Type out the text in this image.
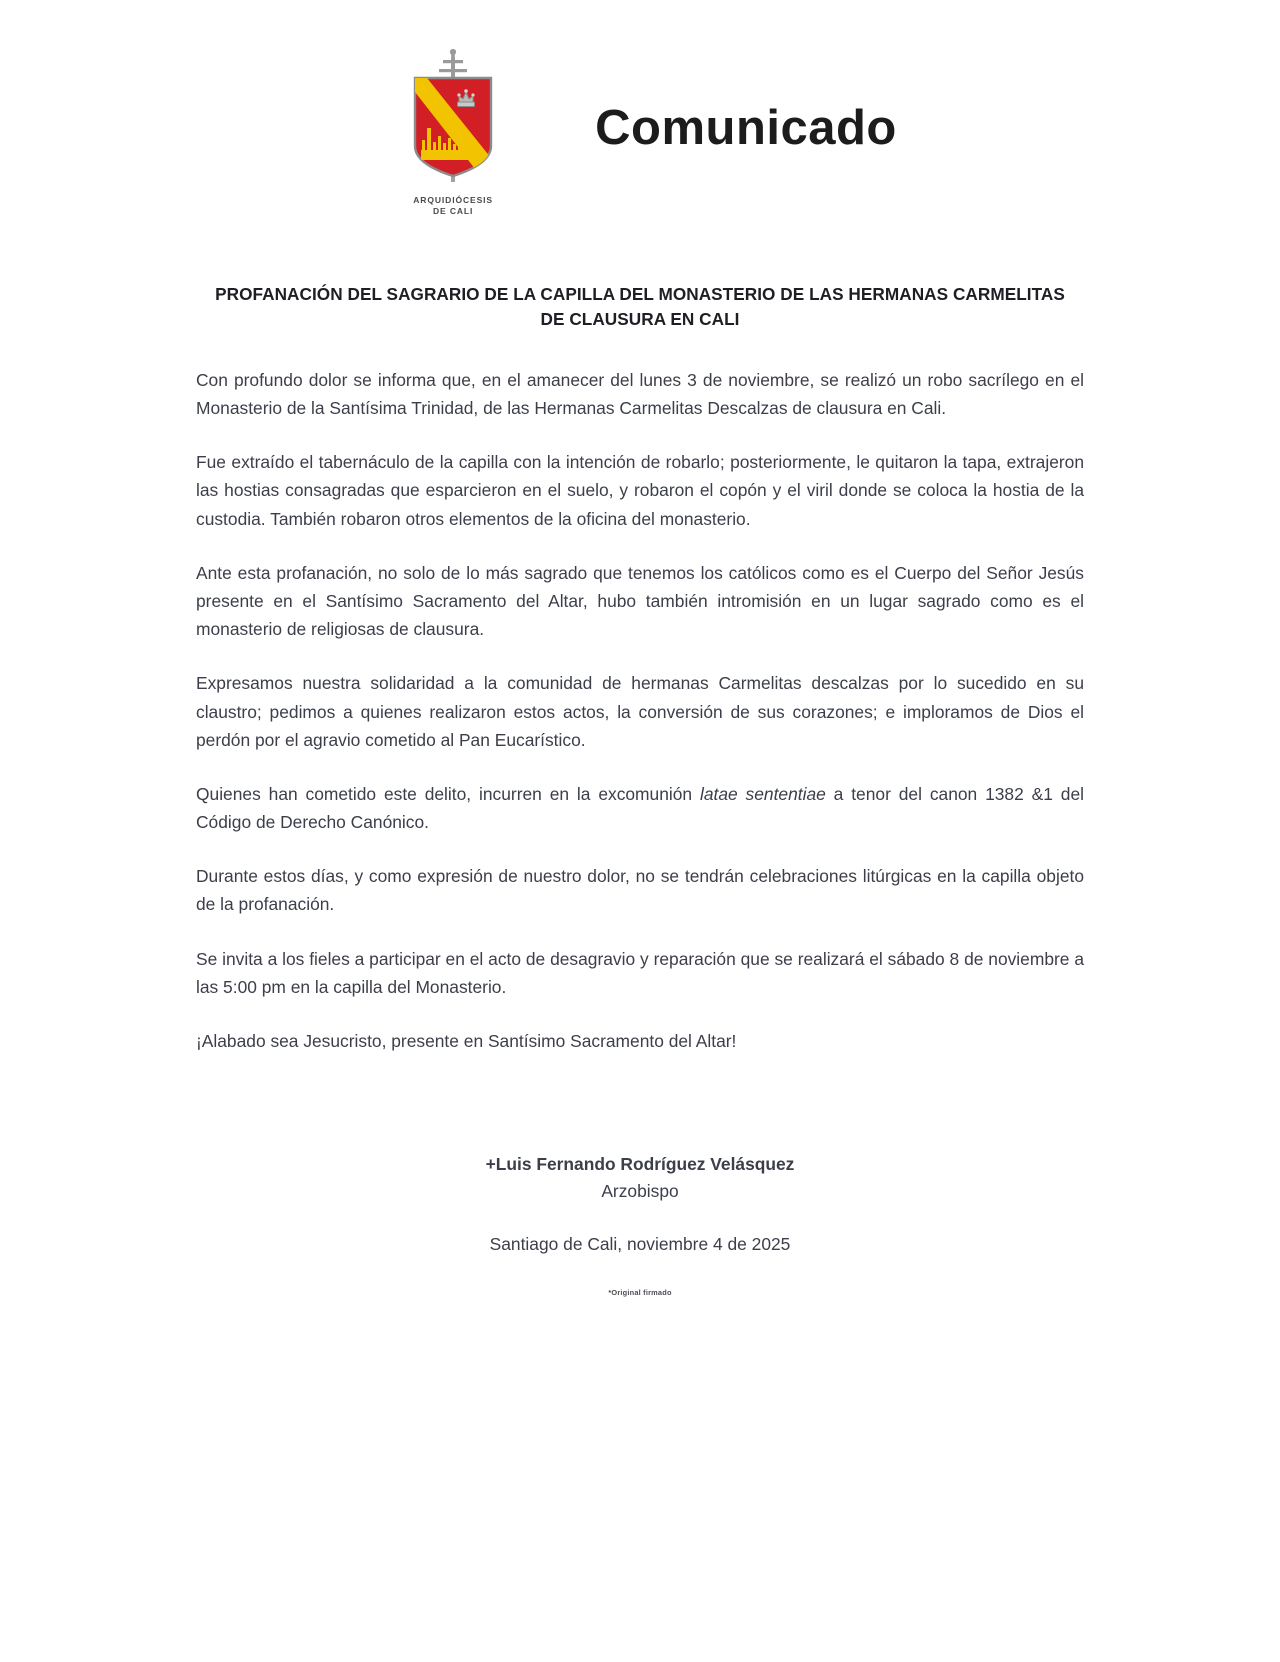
ARQUIDIÓCESIS
DE CALI
Comunicado
PROFANACIÓN DEL SAGRARIO DE LA CAPILLA DEL MONASTERIO DE LAS HERMANAS CARMELITAS DE CLAUSURA EN CALI

Con profundo dolor se informa que, en el amanecer del lunes 3 de noviembre, se realizó un robo sacrílego en el Monasterio de la Santísima Trinidad, de las Hermanas Carmelitas Descalzas de clausura en Cali.

Fue extraído el tabernáculo de la capilla con la intención de robarlo; posteriormente, le quitaron la tapa, extrajeron las hostias consagradas que esparcieron en el suelo, y robaron el copón y el viril donde se coloca la hostia de la custodia. También robaron otros elementos de la oficina del monasterio.

Ante esta profanación, no solo de lo más sagrado que tenemos los católicos como es el Cuerpo del Señor Jesús presente en el Santísimo Sacramento del Altar, hubo también intromisión en un lugar sagrado como es el monasterio de religiosas de clausura.

Expresamos nuestra solidaridad a la comunidad de hermanas Carmelitas descalzas por lo sucedido en su claustro; pedimos a quienes realizaron estos actos, la conversión de sus corazones; e imploramos de Dios el perdón por el agravio cometido al Pan Eucarístico.

Quienes han cometido este delito, incurren en la excomunión latae sententiae a tenor del canon 1382 &1 del Código de Derecho Canónico.

Durante estos días, y como expresión de nuestro dolor, no se tendrán celebraciones litúrgicas en la capilla objeto de la profanación.

Se invita a los fieles a participar en el acto de desagravio y reparación que se realizará el sábado 8 de noviembre a las 5:00 pm en la capilla del Monasterio.

¡Alabado sea Jesucristo, presente en Santísimo Sacramento del Altar!

+Luis Fernando Rodríguez Velásquez
Arzobispo
Santiago de Cali, noviembre 4 de 2025
*Original firmado
